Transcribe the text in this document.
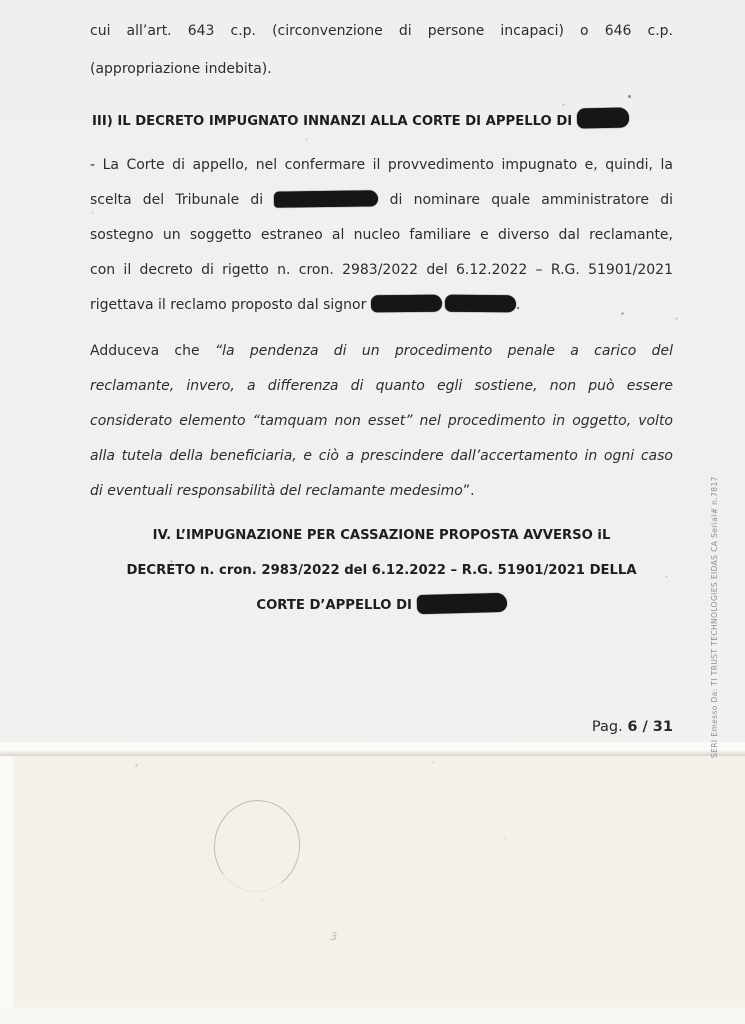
cui all’art. 643 c.p. (circonvenzione di persone incapaci) o 646 c.p.
(appropriazione indebita).
III) IL DECRETO IMPUGNATO INNANZI ALLA CORTE DI APPELLO DI
- La Corte di appello, nel confermare il provvedimento impugnato e, quindi, la
scelta del Tribunale di	di nominare quale amministratore di
sostegno un soggetto estraneo al nucleo familiare e diverso dal reclamante,
con il decreto di rigetto n. cron. 2983/2022 del 6.12.2022 – R.G. 51901/2021
rigettava il reclamo proposto dal signor	.
Adduceva che “la pendenza di un procedimento penale a carico del
reclamante, invero, a differenza di quanto egli sostiene, non può essere
considerato elemento “tamquam non esset” nel procedimento in oggetto, volto
alla tutela della beneficiaria, e ciò a prescindere dall’accertamento in ogni caso
di eventuali responsabilità del reclamante medesimo”.
IV. L’IMPUGNAZIONE PER CASSAZIONE PROPOSTA AVVERSO iL
DECRETO n. cron. 2983/2022 del 6.12.2022 – R.G. 51901/2021 DELLA
CORTE D’APPELLO DI
Pag. 6 / 31	SERI Emesso Da: TI TRUST TECHNOLOGIES EIDAS CA Serial# n.7817
3
